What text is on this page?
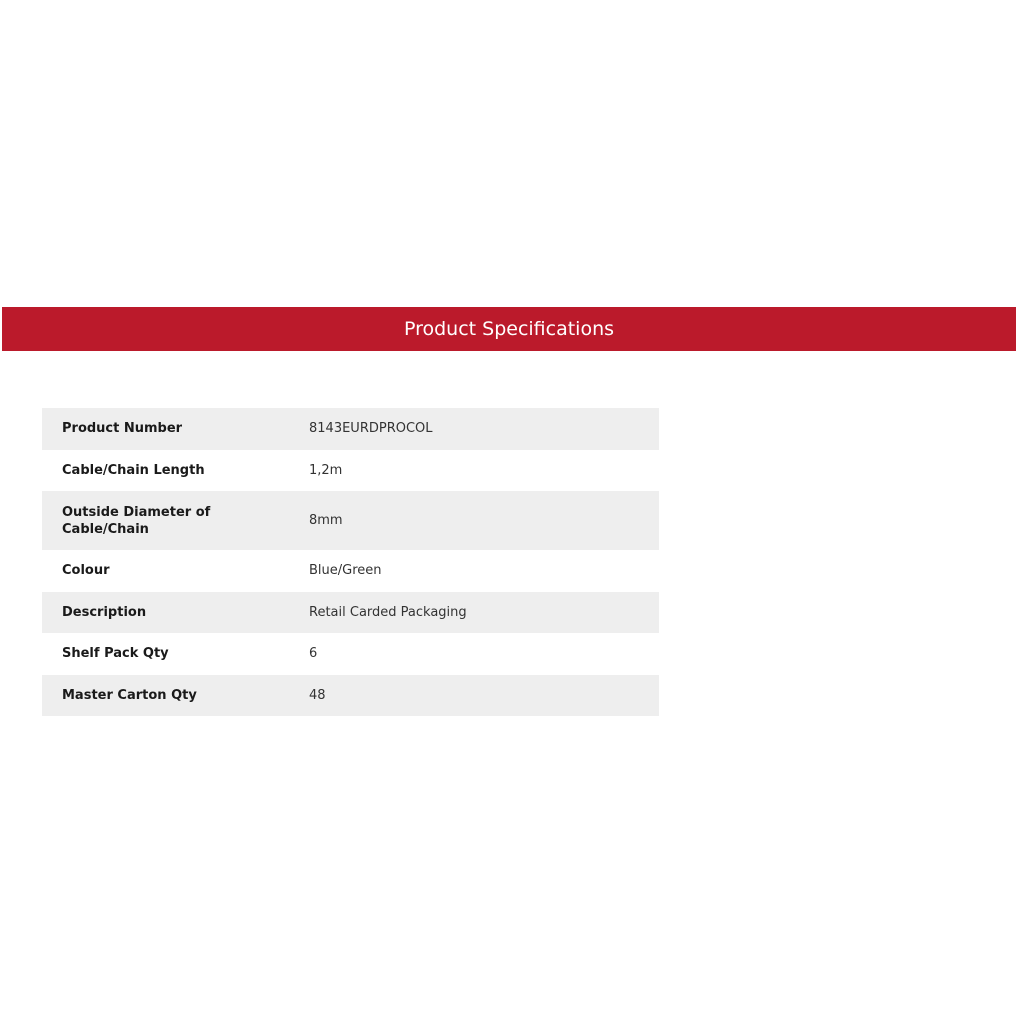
Product Specifications
Product Number	8143EURDPROCOL

Cable/Chain Length	1,2m

Outside Diameter of Cable/Chain	8mm

Colour	Blue/Green

Description	Retail Carded Packaging

Shelf Pack Qty	6

Master Carton Qty	48
